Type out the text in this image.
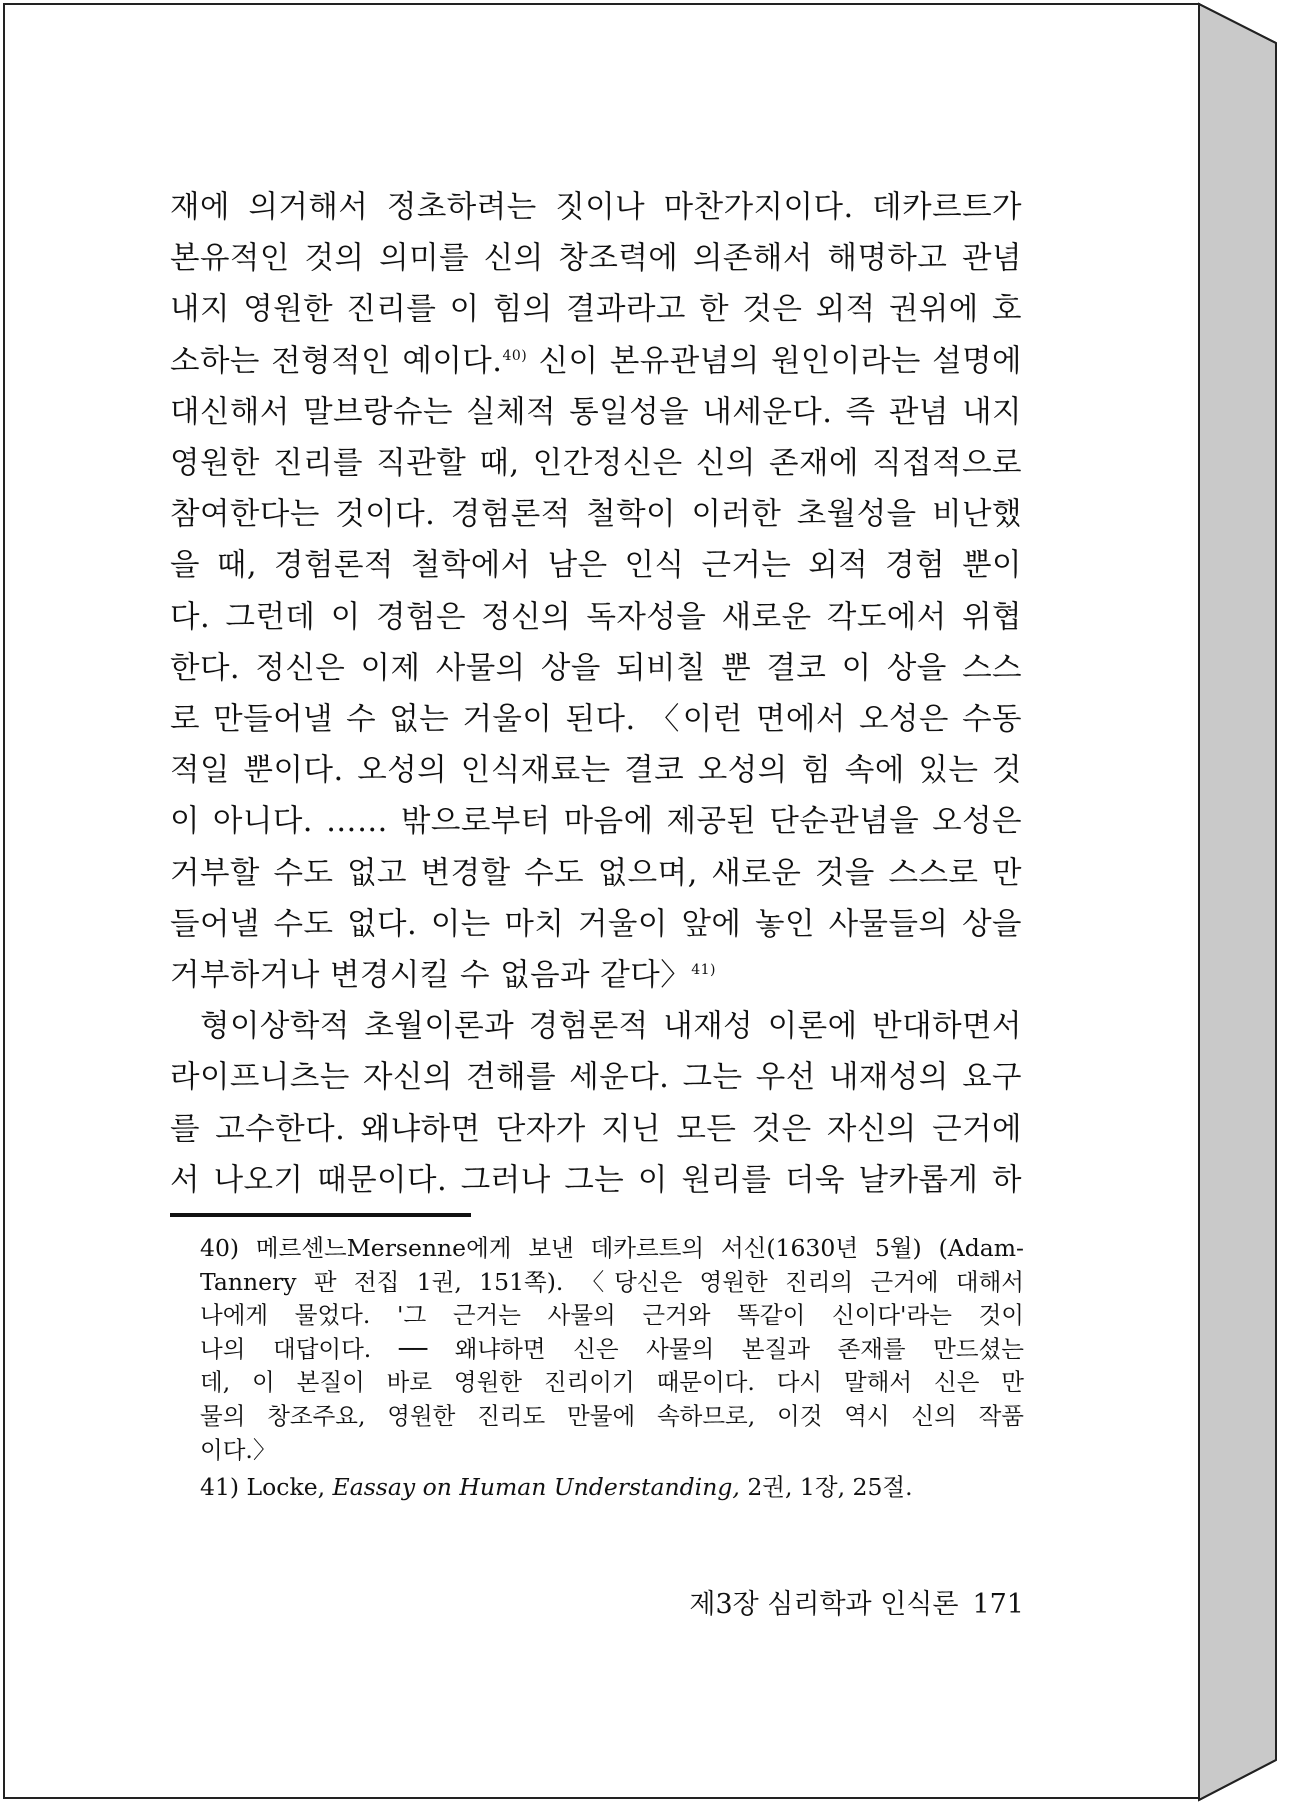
재에 의거해서 정초하려는 짓이나 마찬가지이다. 데카르트가
본유적인 것의 의미를 신의 창조력에 의존해서 해명하고 관념
내지 영원한 진리를 이 힘의 결과라고 한 것은 외적 권위에 호
소하는 전형적인 예이다.$^{40)}$ 신이 본유관념의 원인이라는 설명에
대신해서 말브랑슈는 실체적 통일성을 내세운다. 즉 관념 내지
영원한 진리를 직관할 때, 인간정신은 신의 존재에 직접적으로
참여한다는 것이다. 경험론적 철학이 이러한 초월성을 비난했
을 때, 경험론적 철학에서 남은 인식 근거는 외적 경험 뿐이
다. 그런데 이 경험은 정신의 독자성을 새로운 각도에서 위협
한다. 정신은 이제 사물의 상을 되비칠 뿐 결코 이 상을 스스
로 만들어낼 수 없는 거울이 된다. 〈이런 면에서 오성은 수동
적일 뿐이다. 오성의 인식재료는 결코 오성의 힘 속에 있는 것
이 아니다. …… 밖으로부터 마음에 제공된 단순관념을 오성은
거부할 수도 없고 변경할 수도 없으며, 새로운 것을 스스로 만
들어낼 수도 없다. 이는 마치 거울이 앞에 놓인 사물들의 상을
거부하거나 변경시킬 수 없음과 같다〉$^{41)}$

형이상학적 초월이론과 경험론적 내재성 이론에 반대하면서
라이프니츠는 자신의 견해를 세운다. 그는 우선 내재성의 요구
를 고수한다. 왜냐하면 단자가 지닌 모든 것은 자신의 근거에
서 나오기 때문이다. 그러나 그는 이 원리를 더욱 날카롭게 하

40) 메르센느Mersenne에게 보낸 데카르트의 서신(1630년 5월) (Adam-
Tannery 판 전집 1권, 151쪽). 〈당신은 영원한 진리의 근거에 대해서
나에게 물었다. '그 근거는 사물의 근거와 똑같이 신이다'라는 것이
나의 대답이다. ── 왜냐하면 신은 사물의 본질과 존재를 만드셨는
데, 이 본질이 바로 영원한 진리이기 때문이다. 다시 말해서 신은 만
물의 창조주요, 영원한 진리도 만물에 속하므로, 이것 역시 신의 작품
이다.〉

41) Locke, Eassay on Human Understanding, 2권, 1장, 25절.

제3장 심리학과 인식론 171
